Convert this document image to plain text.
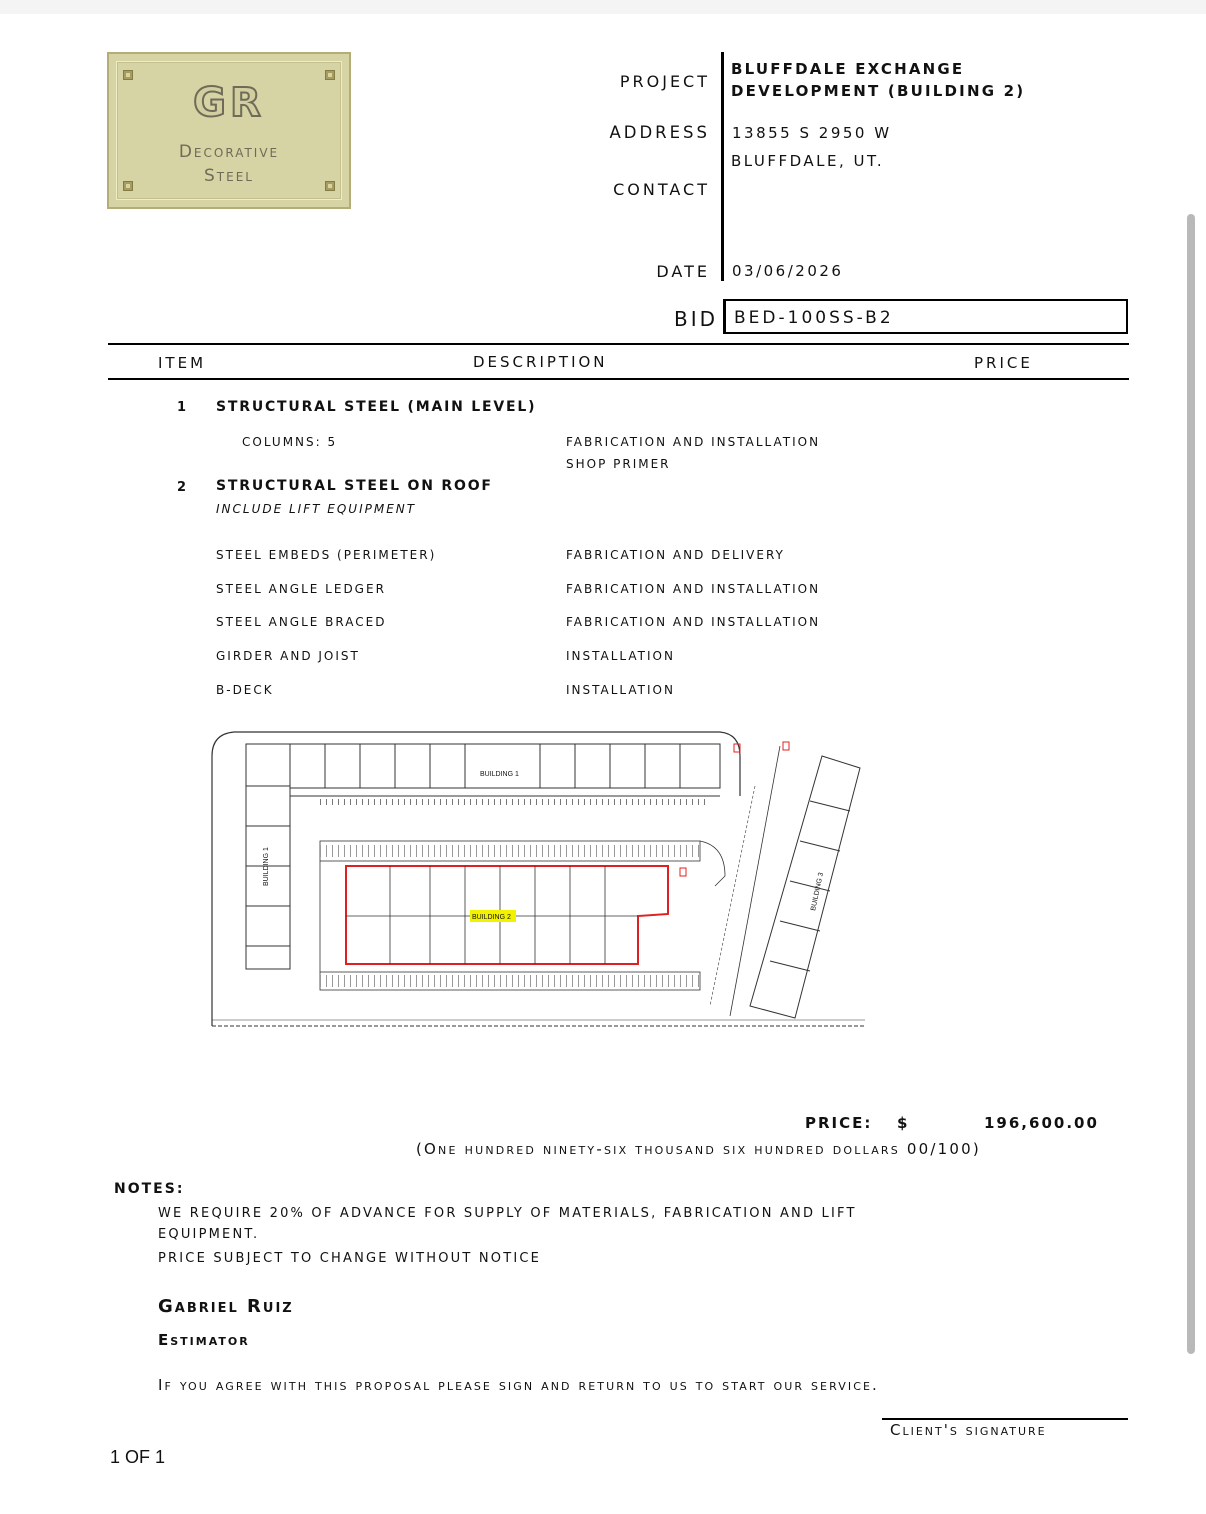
GR
Decorative
Steel
PROJECT
BLUFFDALE EXCHANGE
DEVELOPMENT (BUILDING 2)
ADDRESS 13855 S 2950 W
BLUFFDALE, UT.
CONTACT
DATE 03/06/2026
BID BED-100SS-B2
ITEM	DESCRIPTION	PRICE
1 STRUCTURAL STEEL (MAIN LEVEL)
COLUMNS: 5	FABRICATION AND INSTALLATION
SHOP PRIMER
2 STRUCTURAL STEEL ON ROOF
INCLUDE LIFT EQUIPMENT
STEEL EMBEDS (PERIMETER)	FABRICATION AND DELIVERY
STEEL ANGLE LEDGER	FABRICATION AND INSTALLATION
STEEL ANGLE BRACED	FABRICATION AND INSTALLATION
GIRDER AND JOIST	INSTALLATION
B-DECK	INSTALLATION
BUILDING 2
BUILDING 1
BUILDING 1
BUILDING 3
PRICE: $	196,600.00
(One hundred ninety-six thousand six hundred dollars 00/100)
NOTES:
WE REQUIRE 20% OF ADVANCE FOR SUPPLY OF MATERIALS, FABRICATION AND LIFT
EQUIPMENT.
PRICE SUBJECT TO CHANGE WITHOUT NOTICE
Gabriel Ruiz
Estimator
If you agree with this proposal please sign and return to us to start our service.
Client's signature
1 OF 1
